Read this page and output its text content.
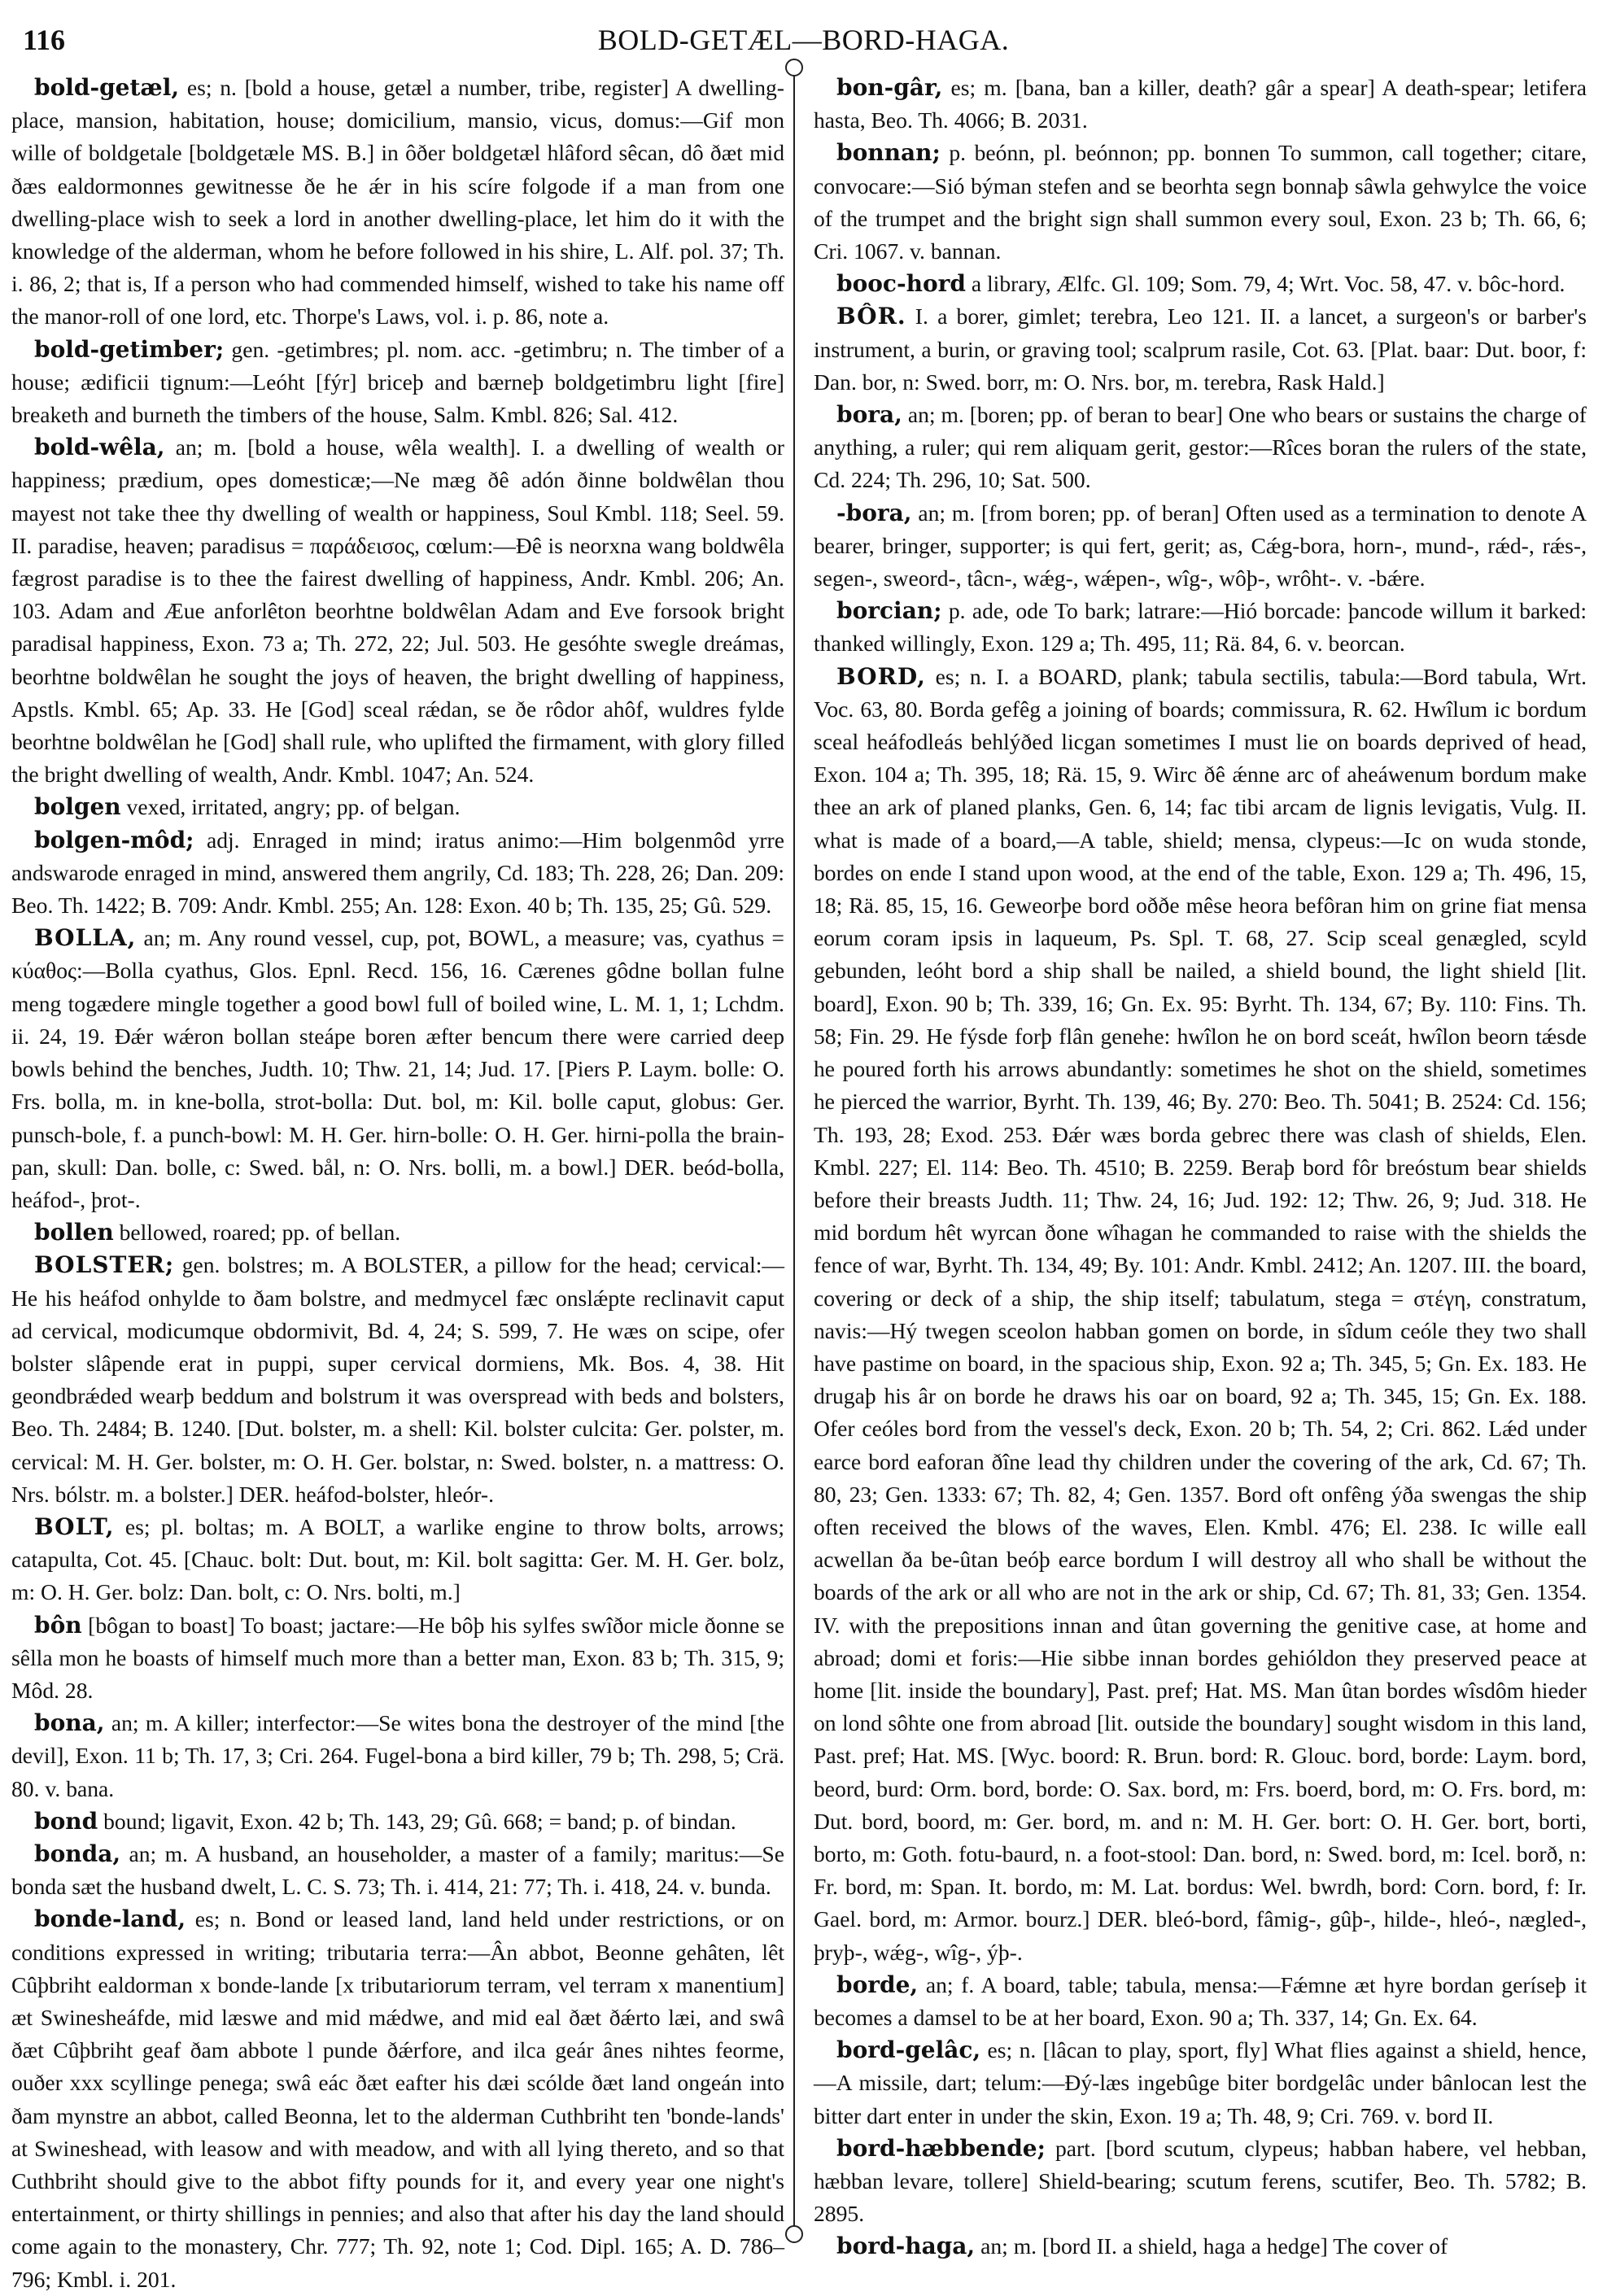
116	BOLD-GETÆL—BORD-HAGA.

bold-getæl, es; n. [bold a house, getæl a number, tribe, register] A dwelling-place, mansion, habitation, house; domicilium, mansio, vicus, domus:—Gif mon wille of boldgetale [boldgetæle MS. B.] in ôðer boldgetæl hlâford sêcan, dô ðæt mid ðæs ealdormonnes gewitnesse ðe he ǽr in his scíre folgode if a man from one dwelling-place wish to seek a lord in another dwelling-place, let him do it with the knowledge of the alderman, whom he before followed in his shire, L. Alf. pol. 37; Th. i. 86, 2; that is, If a person who had commended himself, wished to take his name off the manor-roll of one lord, etc. Thorpe's Laws, vol. i. p. 86, note a.

bold-getimber; gen. -getimbres; pl. nom. acc. -getimbru; n. The timber of a house; ædificii tignum:—Leóht [fýr] briceþ and bærneþ boldgetimbru light [fire] breaketh and burneth the timbers of the house, Salm. Kmbl. 826; Sal. 412.

bold-wêla, an; m. [bold a house, wêla wealth]. I. a dwelling of wealth or happiness; prædium, opes domesticæ;—Ne mæg ðê adón ðinne boldwêlan thou mayest not take thee thy dwelling of wealth or happiness, Soul Kmbl. 118; Seel. 59. II. paradise, heaven; paradisus = παράδεισος, cœlum:—Ðê is neorxna wang boldwêla fægrost paradise is to thee the fairest dwelling of happiness, Andr. Kmbl. 206; An. 103. Adam and Æue anforlêton beorhtne boldwêlan Adam and Eve forsook bright paradisal happiness, Exon. 73 a; Th. 272, 22; Jul. 503. He gesóhte swegle dreámas, beorhtne boldwêlan he sought the joys of heaven, the bright dwelling of happiness, Apstls. Kmbl. 65; Ap. 33. He [God] sceal rǽdan, se ðe rôdor ahôf, wuldres fylde beorhtne boldwêlan he [God] shall rule, who uplifted the firmament, with glory filled the bright dwelling of wealth, Andr. Kmbl. 1047; An. 524.

bolgen vexed, irritated, angry; pp. of belgan.

bolgen-môd; adj. Enraged in mind; iratus animo:—Him bolgenmôd yrre andswarode enraged in mind, answered them angrily, Cd. 183; Th. 228, 26; Dan. 209: Beo. Th. 1422; B. 709: Andr. Kmbl. 255; An. 128: Exon. 40 b; Th. 135, 25; Gû. 529.

BOLLA, an; m. Any round vessel, cup, pot, BOWL, a measure; vas, cyathus = κύαθος:—Bolla cyathus, Glos. Epnl. Recd. 156, 16. Cærenes gôdne bollan fulne meng togædere mingle together a good bowl full of boiled wine, L. M. 1, 1; Lchdm. ii. 24, 19. Ðǽr wǽron bollan steápe boren æfter bencum there were carried deep bowls behind the benches, Judth. 10; Thw. 21, 14; Jud. 17. [Piers P. Laym. bolle: O. Frs. bolla, m. in kne-bolla, strot-bolla: Dut. bol, m: Kil. bolle caput, globus: Ger. punsch-bole, f. a punch-bowl: M. H. Ger. hirn-bolle: O. H. Ger. hirni-polla the brain-pan, skull: Dan. bolle, c: Swed. bål, n: O. Nrs. bolli, m. a bowl.] DER. beód-bolla, heáfod-, þrot-.

bollen bellowed, roared; pp. of bellan.

BOLSTER; gen. bolstres; m. A BOLSTER, a pillow for the head; cervical:—He his heáfod onhylde to ðam bolstre, and medmycel fæc onslǽpte reclinavit caput ad cervical, modicumque obdormivit, Bd. 4, 24; S. 599, 7. He wæs on scipe, ofer bolster slâpende erat in puppi, super cervical dormiens, Mk. Bos. 4, 38. Hit geondbrǽded wearþ beddum and bolstrum it was overspread with beds and bolsters, Beo. Th. 2484; B. 1240. [Dut. bolster, m. a shell: Kil. bolster culcita: Ger. polster, m. cervical: M. H. Ger. bolster, m: O. H. Ger. bolstar, n: Swed. bolster, n. a mattress: O. Nrs. bólstr. m. a bolster.] DER. heáfod-bolster, hleór-.

BOLT, es; pl. boltas; m. A BOLT, a warlike engine to throw bolts, arrows; catapulta, Cot. 45. [Chauc. bolt: Dut. bout, m: Kil. bolt sagitta: Ger. M. H. Ger. bolz, m: O. H. Ger. bolz: Dan. bolt, c: O. Nrs. bolti, m.]

bôn [bôgan to boast] To boast; jactare:—He bôþ his sylfes swîðor micle ðonne se sêlla mon he boasts of himself much more than a better man, Exon. 83 b; Th. 315, 9; Môd. 28.

bona, an; m. A killer; interfector:—Se wites bona the destroyer of the mind [the devil], Exon. 11 b; Th. 17, 3; Cri. 264. Fugel-bona a bird killer, 79 b; Th. 298, 5; Crä. 80. v. bana.

bond bound; ligavit, Exon. 42 b; Th. 143, 29; Gû. 668; = band; p. of bindan.

bonda, an; m. A husband, an householder, a master of a family; maritus:—Se bonda sæt the husband dwelt, L. C. S. 73; Th. i. 414, 21: 77; Th. i. 418, 24. v. bunda.

bonde-land, es; n. Bond or leased land, land held under restrictions, or on conditions expressed in writing; tributaria terra:—Ân abbot, Beonne gehâten, lêt Cûþbriht ealdorman x bonde-lande [x tributariorum terram, vel terram x manentium] æt Swinesheáfde, mid læswe and mid mǽdwe, and mid eal ðæt ðǽrto læi, and swâ ðæt Cûþbriht geaf ðam abbote l punde ðǽrfore, and ilca geár ânes nihtes feorme, ouðer xxx scyllinge penega; swâ eác ðæt eafter his dæi scólde ðæt land ongeán into ðam mynstre an abbot, called Beonna, let to the alderman Cuthbriht ten 'bonde-lands' at Swineshead, with leasow and with meadow, and with all lying thereto, and so that Cuthbriht should give to the abbot fifty pounds for it, and every year one night's entertainment, or thirty shillings in pennies; and also that after his day the land should come again to the monastery, Chr. 777; Th. 92, note 1; Cod. Dipl. 165; A. D. 786–796; Kmbl. i. 201.

bon-gâr, es; m. [bana, ban a killer, death? gâr a spear] A death-spear; letifera hasta, Beo. Th. 4066; B. 2031.

bonnan; p. beónn, pl. beónnon; pp. bonnen To summon, call together; citare, convocare:—Sió býman stefen and se beorhta segn bonnaþ sâwla gehwylce the voice of the trumpet and the bright sign shall summon every soul, Exon. 23 b; Th. 66, 6; Cri. 1067. v. bannan.

booc-hord a library, Ælfc. Gl. 109; Som. 79, 4; Wrt. Voc. 58, 47. v. bôc-hord.

BÔR. I. a borer, gimlet; terebra, Leo 121. II. a lancet, a surgeon's or barber's instrument, a burin, or graving tool; scalprum rasile, Cot. 63. [Plat. baar: Dut. boor, f: Dan. bor, n: Swed. borr, m: O. Nrs. bor, m. terebra, Rask Hald.]

bora, an; m. [boren; pp. of beran to bear] One who bears or sustains the charge of anything, a ruler; qui rem aliquam gerit, gestor:—Rîces boran the rulers of the state, Cd. 224; Th. 296, 10; Sat. 500.

-bora, an; m. [from boren; pp. of beran] Often used as a termination to denote A bearer, bringer, supporter; is qui fert, gerit; as, Cǽg-bora, horn-, mund-, rǽd-, rǽs-, segen-, sweord-, tâcn-, wǽg-, wǽpen-, wîg-, wôþ-, wrôht-. v. -bǽre.

borcian; p. ade, ode To bark; latrare:—Hió borcade: þancode willum it barked: thanked willingly, Exon. 129 a; Th. 495, 11; Rä. 84, 6. v. beorcan.

BORD, es; n. I. a BOARD, plank; tabula sectilis, tabula:—Bord tabula, Wrt. Voc. 63, 80. Borda gefêg a joining of boards; commissura, R. 62. Hwîlum ic bordum sceal heáfodleás behlýðed licgan sometimes I must lie on boards deprived of head, Exon. 104 a; Th. 395, 18; Rä. 15, 9. Wirc ðê ǽnne arc of aheáwenum bordum make thee an ark of planed planks, Gen. 6, 14; fac tibi arcam de lignis levigatis, Vulg. II. what is made of a board,—A table, shield; mensa, clypeus:—Ic on wuda stonde, bordes on ende I stand upon wood, at the end of the table, Exon. 129 a; Th. 496, 15, 18; Rä. 85, 15, 16. Geweorþe bord oððe mêse heora befôran him on grine fiat mensa eorum coram ipsis in laqueum, Ps. Spl. T. 68, 27. Scip sceal genægled, scyld gebunden, leóht bord a ship shall be nailed, a shield bound, the light shield [lit. board], Exon. 90 b; Th. 339, 16; Gn. Ex. 95: Byrht. Th. 134, 67; By. 110: Fins. Th. 58; Fin. 29. He fýsde forþ flân genehe: hwîlon he on bord sceát, hwîlon beorn tǽsde he poured forth his arrows abundantly: sometimes he shot on the shield, sometimes he pierced the warrior, Byrht. Th. 139, 46; By. 270: Beo. Th. 5041; B. 2524: Cd. 156; Th. 193, 28; Exod. 253. Ðǽr wæs borda gebrec there was clash of shields, Elen. Kmbl. 227; El. 114: Beo. Th. 4510; B. 2259. Beraþ bord fôr breóstum bear shields before their breasts Judth. 11; Thw. 24, 16; Jud. 192: 12; Thw. 26, 9; Jud. 318. He mid bordum hêt wyrcan ðone wîhagan he commanded to raise with the shields the fence of war, Byrht. Th. 134, 49; By. 101: Andr. Kmbl. 2412; An. 1207. III. the board, covering or deck of a ship, the ship itself; tabulatum, stega = στέγη, constratum, navis:—Hý twegen sceolon habban gomen on borde, in sîdum ceóle they two shall have pastime on board, in the spacious ship, Exon. 92 a; Th. 345, 5; Gn. Ex. 183. He drugaþ his âr on borde he draws his oar on board, 92 a; Th. 345, 15; Gn. Ex. 188. Ofer ceóles bord from the vessel's deck, Exon. 20 b; Th. 54, 2; Cri. 862. Lǽd under earce bord eaforan ðîne lead thy children under the covering of the ark, Cd. 67; Th. 80, 23; Gen. 1333: 67; Th. 82, 4; Gen. 1357. Bord oft onfêng ýða swengas the ship often received the blows of the waves, Elen. Kmbl. 476; El. 238. Ic wille eall acwellan ða be-ûtan beóþ earce bordum I will destroy all who shall be without the boards of the ark or all who are not in the ark or ship, Cd. 67; Th. 81, 33; Gen. 1354. IV. with the prepositions innan and ûtan governing the genitive case, at home and abroad; domi et foris:—Hie sibbe innan bordes gehióldon they preserved peace at home [lit. inside the boundary], Past. pref; Hat. MS. Man ûtan bordes wîsdôm hieder on lond sôhte one from abroad [lit. outside the boundary] sought wisdom in this land, Past. pref; Hat. MS. [Wyc. boord: R. Brun. bord: R. Glouc. bord, borde: Laym. bord, beord, burd: Orm. bord, borde: O. Sax. bord, m: Frs. boerd, bord, m: O. Frs. bord, m: Dut. bord, boord, m: Ger. bord, m. and n: M. H. Ger. bort: O. H. Ger. bort, borti, borto, m: Goth. fotu-baurd, n. a foot-stool: Dan. bord, n: Swed. bord, m: Icel. borð, n: Fr. bord, m: Span. It. bordo, m: M. Lat. bordus: Wel. bwrdh, bord: Corn. bord, f: Ir. Gael. bord, m: Armor. bourz.] DER. bleó-bord, fâmig-, gûþ-, hilde-, hleó-, nægled-, þryþ-, wǽg-, wîg-, ýþ-.

borde, an; f. A board, table; tabula, mensa:—Fǽmne æt hyre bordan geríseþ it becomes a damsel to be at her board, Exon. 90 a; Th. 337, 14; Gn. Ex. 64.

bord-gelâc, es; n. [lâcan to play, sport, fly] What flies against a shield, hence,—A missile, dart; telum:—Ðý-læs ingebûge biter bordgelâc under bânlocan lest the bitter dart enter in under the skin, Exon. 19 a; Th. 48, 9; Cri. 769. v. bord II.

bord-hæbbende; part. [bord scutum, clypeus; habban habere, vel hebban, hæbban levare, tollere] Shield-bearing; scutum ferens, scutifer, Beo. Th. 5782; B. 2895.

bord-haga, an; m. [bord II. a shield, haga a hedge] The cover of
